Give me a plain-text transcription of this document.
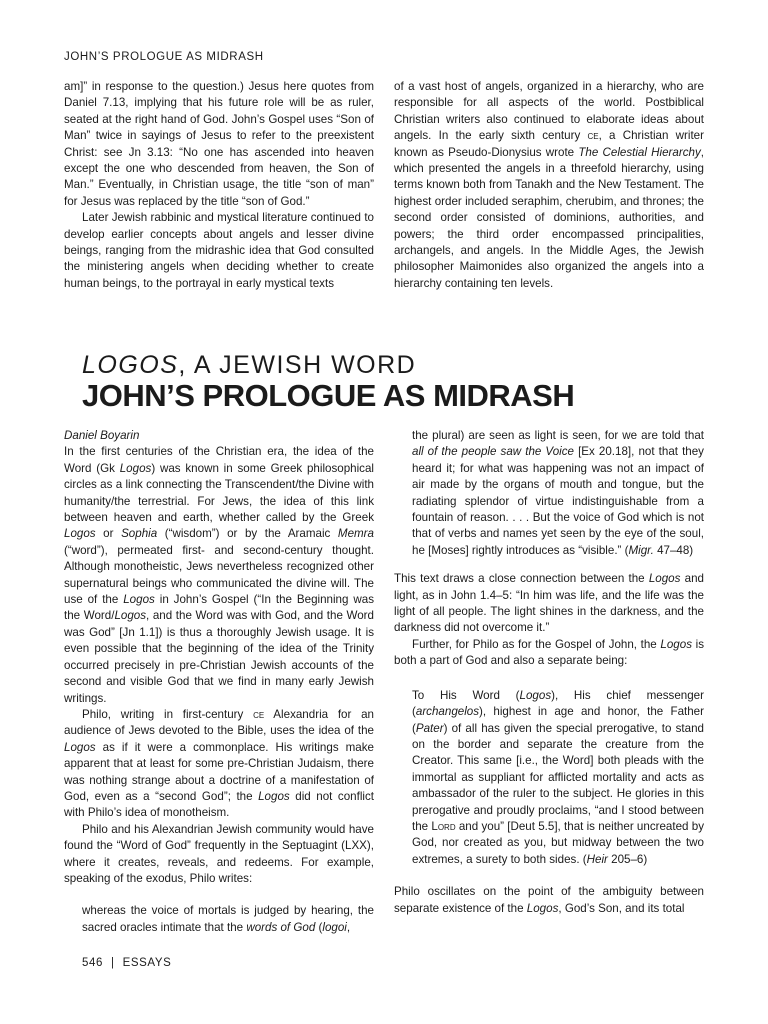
JOHN’S PROLOGUE AS MIDRASH

am]” in response to the question.) Jesus here quotes from Daniel 7.13, implying that his future role will be as ruler, seated at the right hand of God. John’s Gospel uses “Son of Man” twice in sayings of Jesus to refer to the preexistent Christ: see Jn 3.13: “No one has ascended into heaven except the one who descended from heaven, the Son of Man.” Eventually, in Christian usage, the title “son of man” for Jesus was replaced by the title “son of God.”

Later Jewish rabbinic and mystical literature continued to develop earlier concepts about angels and lesser divine beings, ranging from the midrashic idea that God consulted the ministering angels when deciding whether to create human beings, to the portrayal in early mystical texts

of a vast host of angels, organized in a hierarchy, who are responsible for all aspects of the world. Postbiblical Christian writers also continued to elaborate ideas about angels. In the early sixth century ce, a Christian writer known as Pseudo-Dionysius wrote The Celestial Hierarchy, which presented the angels in a threefold hierarchy, using terms known both from Tanakh and the New Testament. The highest order included seraphim, cherubim, and thrones; the second order consisted of dominions, authorities, and powers; the third order encompassed principalities, archangels, and angels. In the Middle Ages, the Jewish philosopher Maimonides also organized the angels into a hierarchy containing ten levels.

LOGOS, A JEWISH WORD
JOHN’S PROLOGUE AS MIDRASH

Daniel Boyarin

In the first centuries of the Christian era, the idea of the Word (Gk Logos) was known in some Greek philosophical circles as a link connecting the Transcendent/the Divine with humanity/the terrestrial. For Jews, the idea of this link between heaven and earth, whether called by the Greek Logos or Sophia (“wisdom”) or by the Aramaic Memra (“word”), permeated first- and second-century thought. Although monotheistic, Jews nevertheless recognized other supernatural beings who communicated the divine will. The use of the Logos in John’s Gospel (“In the Beginning was the Word/Logos, and the Word was with God, and the Word was God” [Jn 1.1]) is thus a thoroughly Jewish usage. It is even possible that the beginning of the idea of the Trinity occurred precisely in pre-Christian Jewish accounts of the second and visible God that we find in many early Jewish writings.

Philo, writing in first-century ce Alexandria for an audience of Jews devoted to the Bible, uses the idea of the Logos as if it were a commonplace. His writings make apparent that at least for some pre-Christian Judaism, there was nothing strange about a doctrine of a manifestation of God, even as a “second God”; the Logos did not conflict with Philo’s idea of monotheism.

Philo and his Alexandrian Jewish community would have found the “Word of God” frequently in the Septuagint (LXX), where it creates, reveals, and redeems. For example, speaking of the exodus, Philo writes:

whereas the voice of mortals is judged by hearing, the sacred oracles intimate that the words of God (logoi,

the plural) are seen as light is seen, for we are told that all of the people saw the Voice [Ex 20.18], not that they heard it; for what was happening was not an impact of air made by the organs of mouth and tongue, but the radiating splendor of virtue indistinguishable from a fountain of reason. . . . But the voice of God which is not that of verbs and names yet seen by the eye of the soul, he [Moses] rightly introduces as “visible.” (Migr. 47–48)

This text draws a close connection between the Logos and light, as in John 1.4–5: “In him was life, and the life was the light of all people. The light shines in the darkness, and the darkness did not overcome it.”

Further, for Philo as for the Gospel of John, the Logos is both a part of God and also a separate being:

To His Word (Logos), His chief messenger (archangelos), highest in age and honor, the Father (Pater) of all has given the special prerogative, to stand on the border and separate the creature from the Creator. This same [i.e., the Word] both pleads with the immortal as suppliant for afflicted mortality and acts as ambassador of the ruler to the subject. He glories in this prerogative and proudly proclaims, “and I stood between the Lord and you” [Deut 5.5], that is neither uncreated by God, nor created as you, but midway between the two extremes, a surety to both sides. (Heir 205–6)

Philo oscillates on the point of the ambiguity between separate existence of the Logos, God’s Son, and its total

546 | ESSAYS
